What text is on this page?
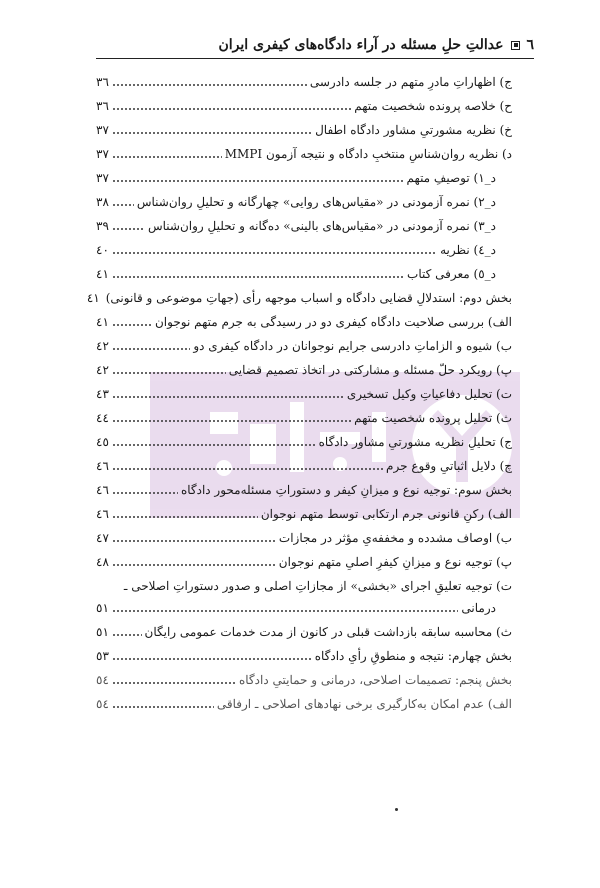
٦
عدالتِ حلِ مسئله در آراء دادگاه‌های کیفری ایران
ج) اظهاراتِ مادرِ متهم در جلسه دادرسی
٣٦
ح) خلاصه پرونده شخصیت متهم
٣٦
خ) نظریه مشورتیِ مشاور دادگاه اطفال
٣٧
د) نظریه روان‌شناسِ منتخبِ دادگاه و نتیجه آزمون MMPI
٣٧
د_١) توصیفِ متهم
٣٧
د_٢) نمره آزمودنی در «مقیاس‌های روایی» چهارگانه و تحلیلِ روان‌شناس
٣٨
د_٣) نمره آزمودنی در «مقیاس‌های بالینی» ده‌گانه و تحلیلِ روان‌شناس
٣٩
د_٤) نظریه
٤٠
د_٥) معرفی کتاب
٤١
بخش دوم: استدلالِ قضایی دادگاه و اسباب موجهه رأی (جهاتِ موضوعی و قانونی)
٤١
الف) بررسی صلاحیت دادگاه کیفری دو در رسیدگی به جرم متهم نوجوان
٤١
ب) شیوه و الزاماتِ دادرسی جرایم نوجوانان در دادگاه کیفری دو
٤٢
پ) رویکرد حلّ مسئله و مشارکتی در اتخاذ تصمیم قضایی
٤٢
ت) تحلیل دفاعیاتِ وکیل تسخیری
٤٣
ث) تحلیل پرونده شخصیت متهم
٤٤
ج) تحلیلِ نظریه مشورتیِ مشاور دادگاه
٤٥
چ) دلایل اثباتیِ وقوع جرم
٤٦
بخش سوم: توجیه نوع و میزانِ کیفر و دستوراتِ مسئله‌محور دادگاه
٤٦
الف) رکنِ قانونی جرم ارتکابی توسط متهم نوجوان
٤٦
ب) اوصاف مشدده و مخففه‌یِ مؤثر در مجازات
٤٧
پ) توجیه نوع و میزانِ کیفرِ اصلیِ متهم نوجوان
٤٨
ت) توجیه تعلیقِ اجرای «بخشی» از مجازاتِ اصلی و صدور دستوراتِ اصلاحی ـ
درمانی
٥١
ث) محاسبه سابقه بازداشت قبلی در کانون از مدت خدمات عمومی رایگان
٥١
بخش چهارم: نتیجه و منطوقِ رأیِ دادگاه
٥٣
بخش پنجم: تصمیمات اصلاحی، درمانی و حمایتیِ دادگاه
٥٤
الف) عدم امکان به‌کارگیری برخی نهادهای اصلاحی ـ ارفاقی
٥٤
